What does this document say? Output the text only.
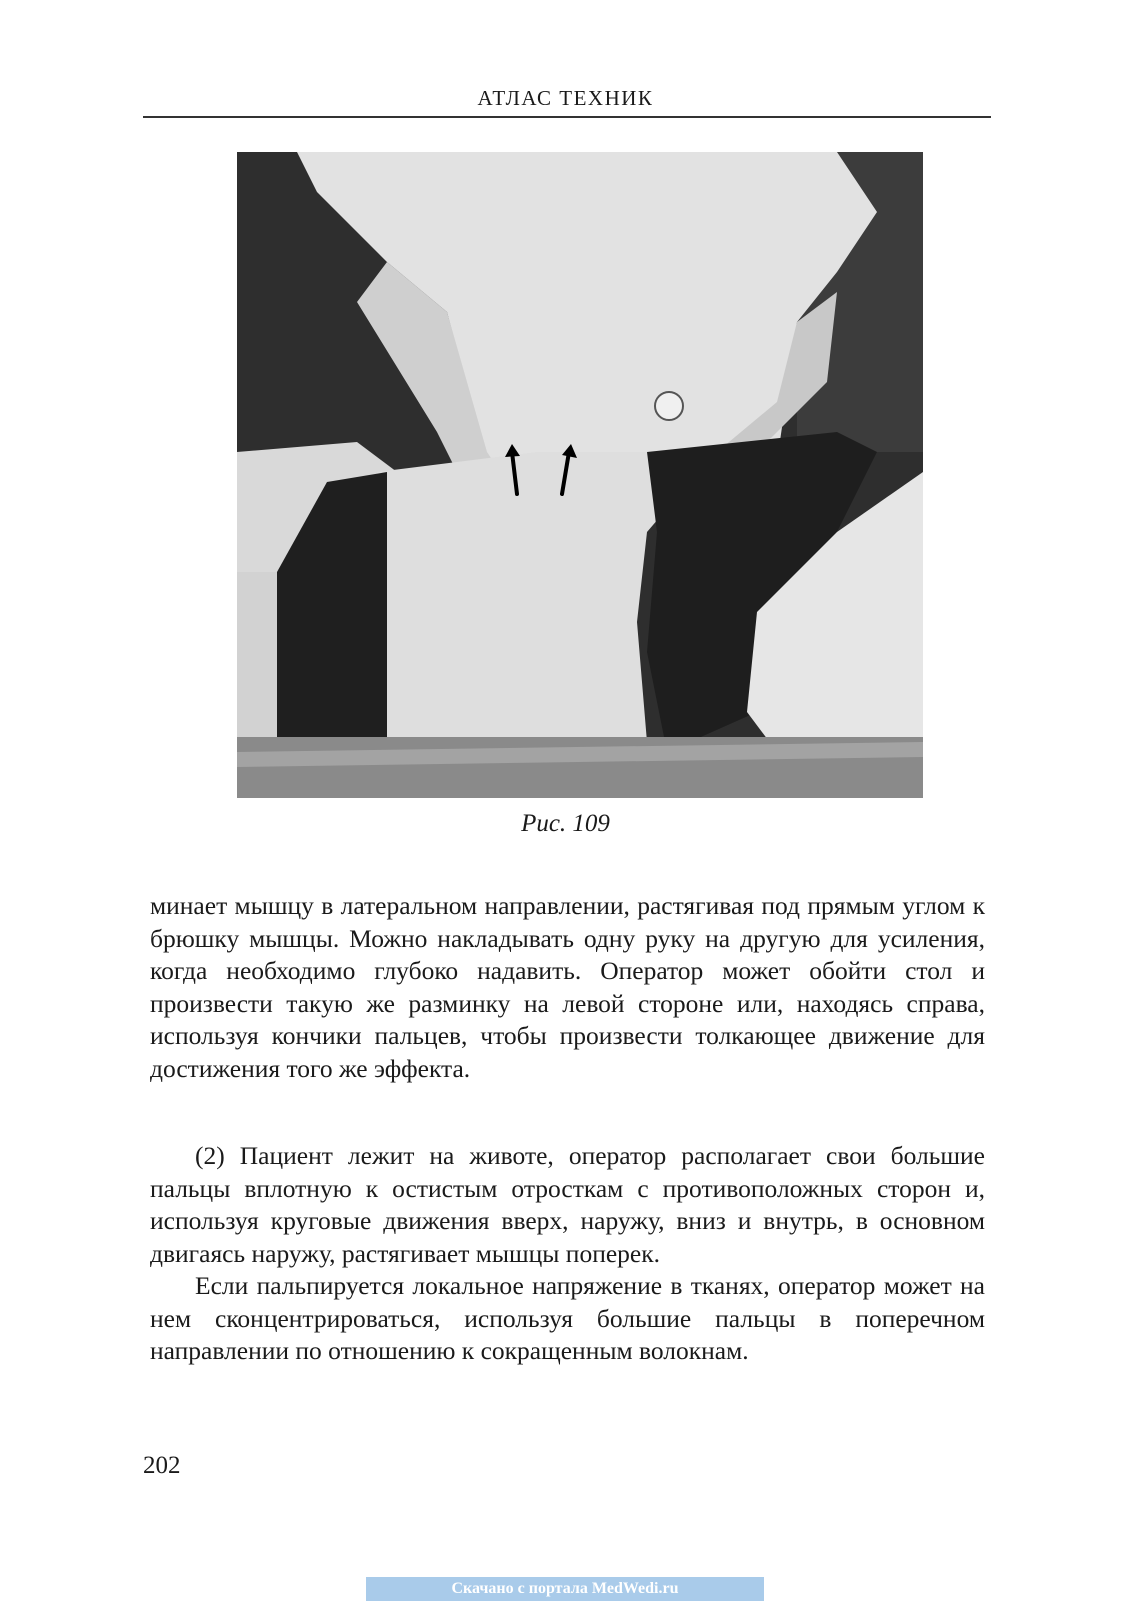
АТЛАС ТЕХНИК
Рис. 109

минает мышцу в латеральном направлении, растягивая под прямым углом к брюшку мышцы. Можно накладывать одну руку на другую для усиления, когда необходимо глубоко надавить. Оператор может обойти стол и произвести такую же разминку на левой стороне или, находясь справа, используя кончики пальцев, чтобы произвести толкающее движение для достижения того же эффекта.

(2) Пациент лежит на животе, оператор располагает свои большие пальцы вплотную к остистым отросткам с противоположных сторон и, используя круговые движения вверх, наружу, вниз и внутрь, в основном двигаясь наружу, растягивает мышцы поперек.

Если пальпируется локальное напряжение в тканях, оператор может на нем сконцентрироваться, используя большие пальцы в поперечном направлении по отношению к сокращенным волокнам.

202
Скачано с портала MedWedi.ru
